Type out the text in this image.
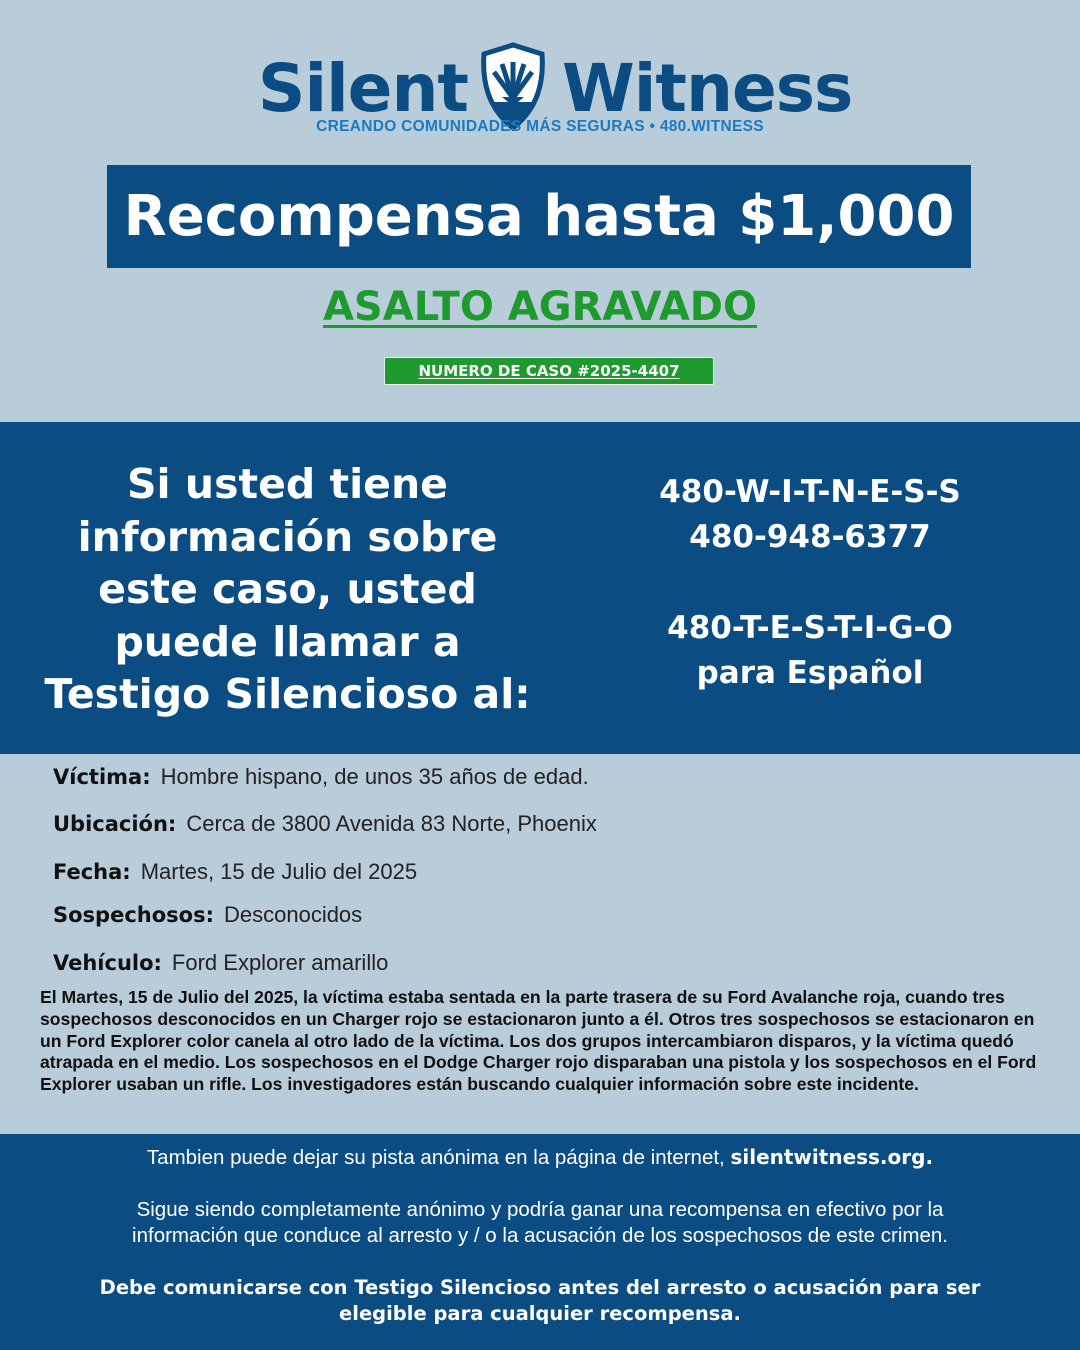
Silent Witness
CREANDO COMUNIDADES MÁS SEGURAS • 480.WITNESS
Recompensa hasta $1,000
ASALTO AGRAVADO
NUMERO DE CASO #2025-4407
Si usted tiene
información sobre
este caso, usted
puede llamar a
Testigo Silencioso al:
480-W-I-T-N-E-S-S
480-948-6377
480-T-E-S-T-I-G-O
para Español
Víctima: Hombre hispano, de unos 35 años de edad.
Ubicación: Cerca de 3800 Avenida 83 Norte, Phoenix
Fecha: Martes, 15 de Julio del 2025
Sospechosos: Desconocidos
Vehículo: Ford Explorer amarillo
El Martes, 15 de Julio del 2025, la víctima estaba sentada en la parte trasera de su Ford Avalanche roja, cuando tres sospechosos desconocidos en un Charger rojo se estacionaron junto a él. Otros tres sospechosos se estacionaron en un Ford Explorer color canela al otro lado de la víctima. Los dos grupos intercambiaron disparos, y la víctima quedó atrapada en el medio. Los sospechosos en el Dodge Charger rojo disparaban una pistola y los sospechosos en el Ford Explorer usaban un rifle. Los investigadores están buscando cualquier información sobre este incidente.
Tambien puede dejar su pista anónima en la página de internet, silentwitness.org.
Sigue siendo completamente anónimo y podría ganar una recompensa en efectivo por la información que conduce al arresto y / o la acusación de los sospechosos de este crimen.
Debe comunicarse con Testigo Silencioso antes del arresto o acusación para ser elegible para cualquier recompensa.
